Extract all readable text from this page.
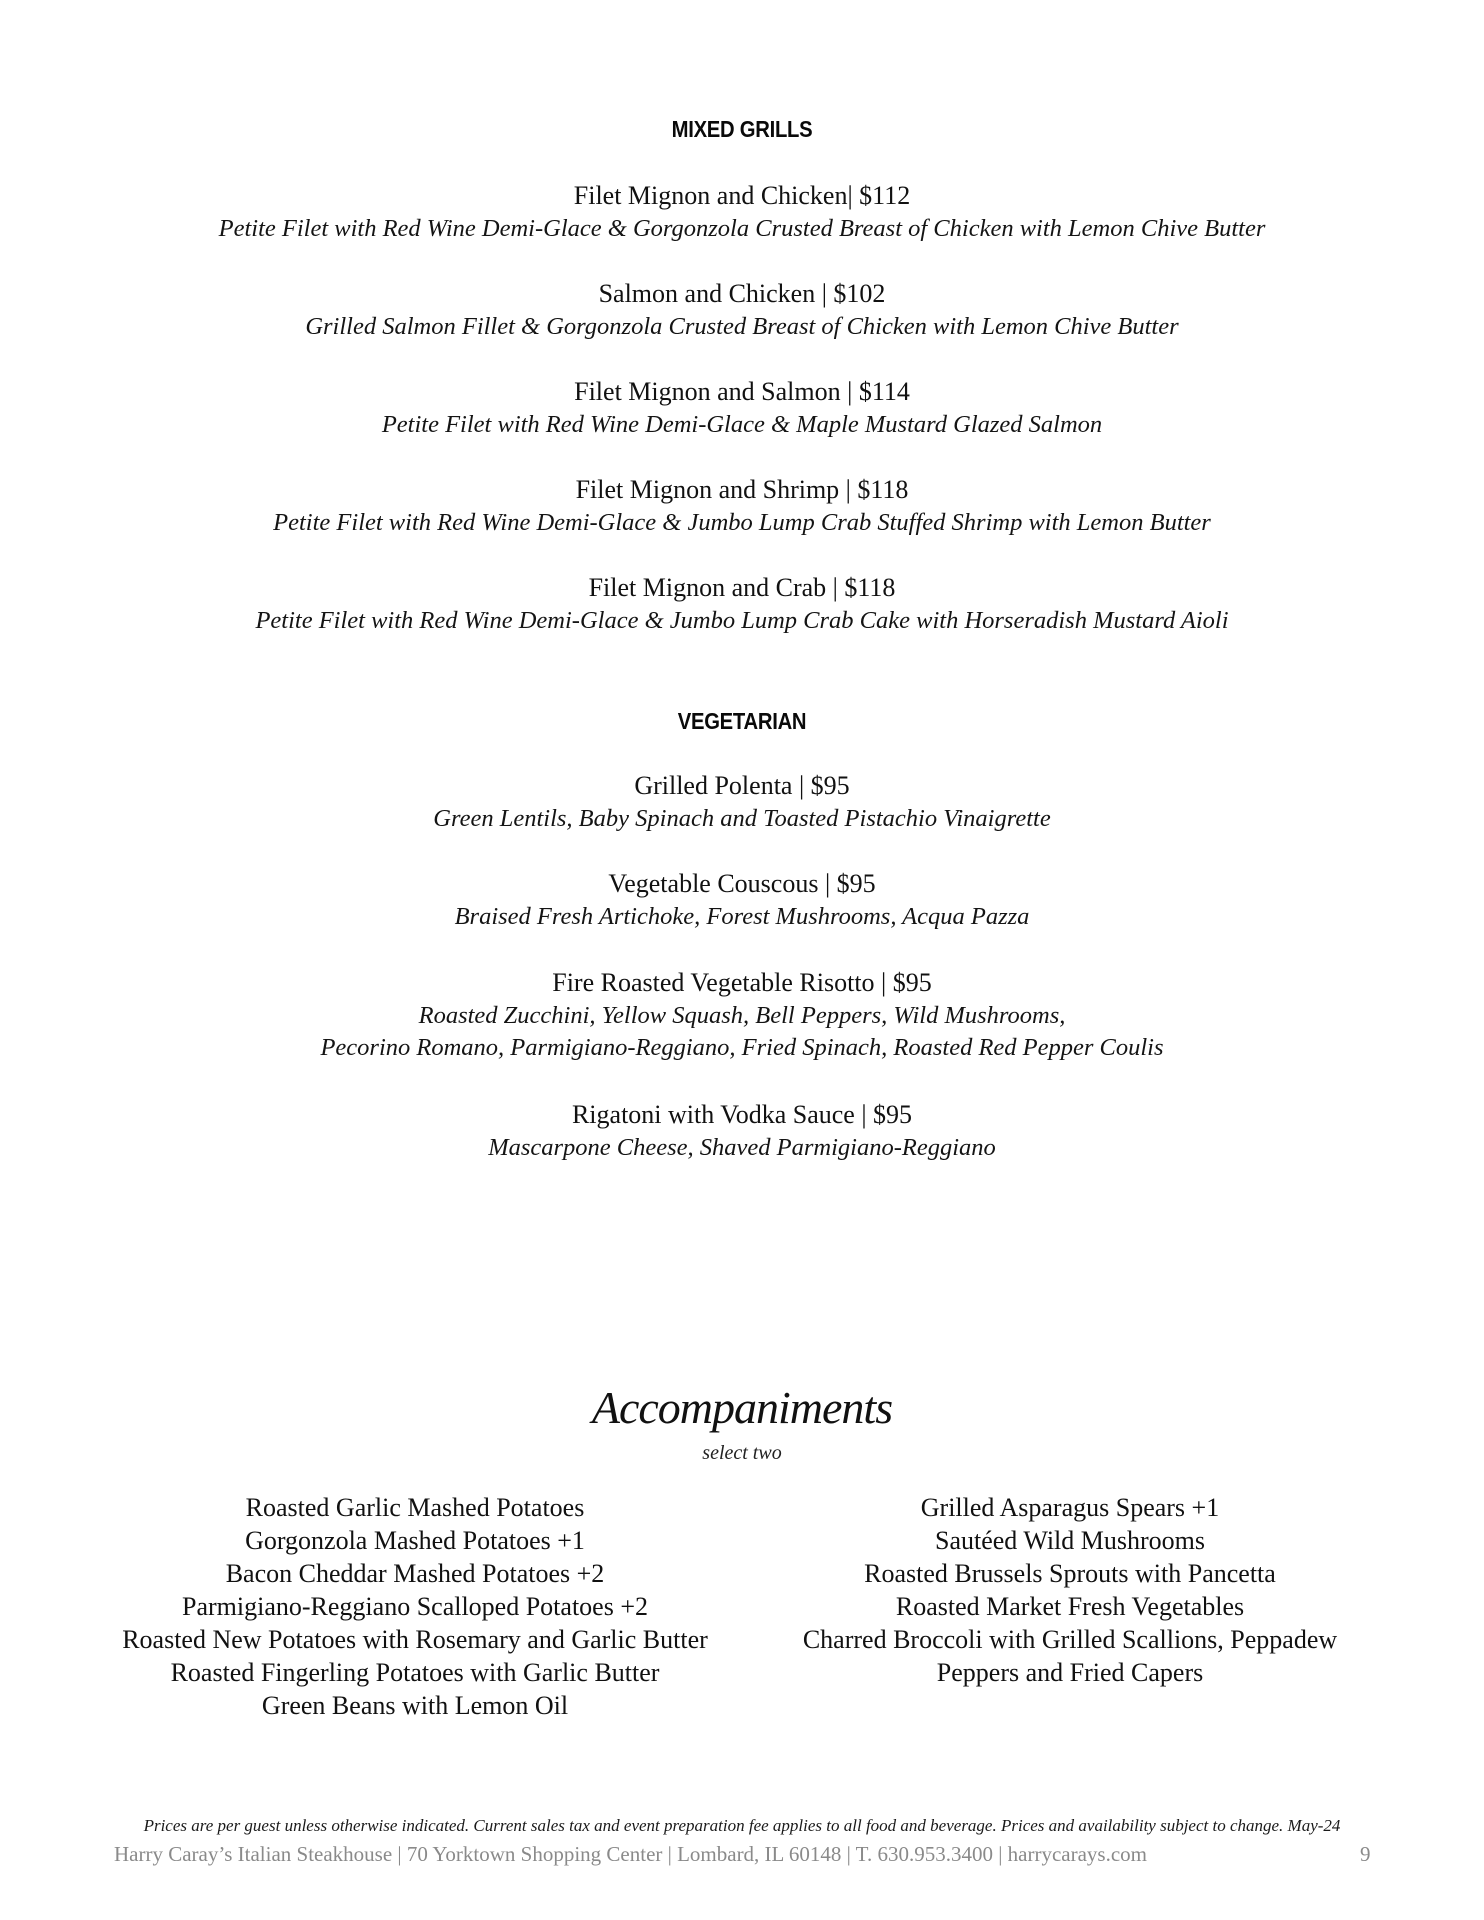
MIXED GRILLS
Filet Mignon and Chicken| $112
Petite Filet with Red Wine Demi-Glace & Gorgonzola Crusted Breast of Chicken with Lemon Chive Butter
Salmon and Chicken | $102
Grilled Salmon Fillet & Gorgonzola Crusted Breast of Chicken with Lemon Chive Butter
Filet Mignon and Salmon | $114
Petite Filet with Red Wine Demi-Glace & Maple Mustard Glazed Salmon
Filet Mignon and Shrimp | $118
Petite Filet with Red Wine Demi-Glace & Jumbo Lump Crab Stuffed Shrimp with Lemon Butter
Filet Mignon and Crab | $118
Petite Filet with Red Wine Demi-Glace & Jumbo Lump Crab Cake with Horseradish Mustard Aioli
VEGETARIAN
Grilled Polenta | $95
Green Lentils, Baby Spinach and Toasted Pistachio Vinaigrette
Vegetable Couscous | $95
Braised Fresh Artichoke, Forest Mushrooms, Acqua Pazza
Fire Roasted Vegetable Risotto | $95
Roasted Zucchini, Yellow Squash, Bell Peppers, Wild Mushrooms,
Pecorino Romano, Parmigiano-Reggiano, Fried Spinach, Roasted Red Pepper Coulis
Rigatoni with Vodka Sauce | $95
Mascarpone Cheese, Shaved Parmigiano-Reggiano
Accompaniments
select two
Roasted Garlic Mashed Potatoes
Gorgonzola Mashed Potatoes +1
Bacon Cheddar Mashed Potatoes +2
Parmigiano-Reggiano Scalloped Potatoes +2
Roasted New Potatoes with Rosemary and Garlic Butter
Roasted Fingerling Potatoes with Garlic Butter
Green Beans with Lemon Oil
Grilled Asparagus Spears +1
Sautéed Wild Mushrooms
Roasted Brussels Sprouts with Pancetta
Roasted Market Fresh Vegetables
Charred Broccoli with Grilled Scallions, Peppadew
Peppers and Fried Capers
Prices are per guest unless otherwise indicated. Current sales tax and event preparation fee applies to all food and beverage. Prices and availability subject to change. May-24
Harry Caray’s Italian Steakhouse | 70 Yorktown Shopping Center | Lombard, IL 60148 | T. 630.953.3400 | harrycarays.com	9
